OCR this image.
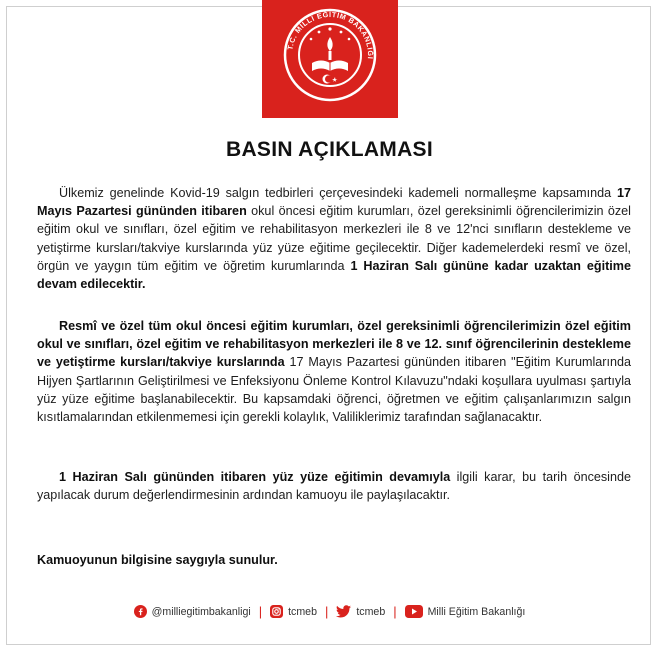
T.C. MİLLÎ EĞİTİM BAKANLIĞI
BASIN AÇIKLAMASI
Ülkemiz genelinde Kovid-19 salgın tedbirleri çerçevesindeki kademeli normalleşme kapsamında 17 Mayıs Pazartesi gününden itibaren okul öncesi eğitim kurumları, özel gereksinimli öğrencilerimizin özel eğitim okul ve sınıfları, özel eğitim ve rehabilitasyon merkezleri ile 8 ve 12'nci sınıfların destekleme ve yetiştirme kursları/takviye kurslarında yüz yüze eğitime geçilecektir. Diğer kademelerdeki resmî ve özel, örgün ve yaygın tüm eğitim ve öğretim kurumlarında 1 Haziran Salı gününe kadar uzaktan eğitime devam edilecektir.
Resmî ve özel tüm okul öncesi eğitim kurumları, özel gereksinimli öğrencilerimizin özel eğitim okul ve sınıfları, özel eğitim ve rehabilitasyon merkezleri ile 8 ve 12. sınıf öğrencilerinin destekleme ve yetiştirme kursları/takviye kurslarında 17 Mayıs Pazartesi gününden itibaren "Eğitim Kurumlarında Hijyen Şartlarının Geliştirilmesi ve Enfeksiyonu Önleme Kontrol Kılavuzu"ndaki koşullara uyulması şartıyla yüz yüze eğitime başlanabilecektir. Bu kapsamdaki öğrenci, öğretmen ve eğitim çalışanlarımızın salgın kısıtlamalarından etkilenmemesi için gerekli kolaylık, Valiliklerimiz tarafından sağlanacaktır.
1 Haziran Salı gününden itibaren yüz yüze eğitimin devamıyla ilgili karar, bu tarih öncesinde yapılacak durum değerlendirmesinin ardından kamuoyu ile paylaşılacaktır.
Kamuoyunun bilgisine saygıyla sunulur.
@milliegitimbakanligi | tcmeb |	tcmeb |	Milli Eğitim Bakanlığı
